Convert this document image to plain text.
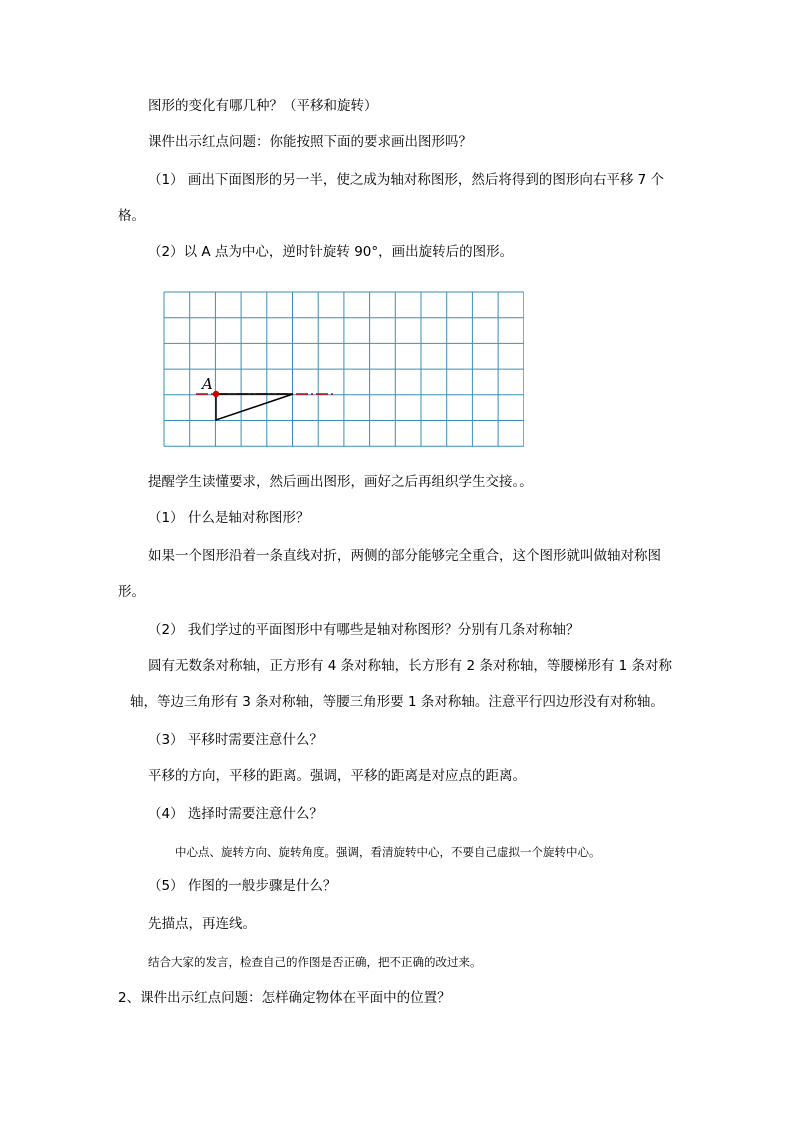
图形的变化有哪几种？（平移和旋转）
课件出示红点问题：你能按照下面的要求画出图形吗？
（1） 画出下面图形的另一半，使之成为轴对称图形，然后将得到的图形向右平移 7 个
格。
（2）以 A 点为中心，逆时针旋转 90°，画出旋转后的图形。
A
提醒学生读懂要求，然后画出图形，画好之后再组织学生交接。。
（1） 什么是轴对称图形？
如果一个图形沿着一条直线对折，两侧的部分能够完全重合，这个图形就叫做轴对称图
形。
（2） 我们学过的平面图形中有哪些是轴对称图形？分别有几条对称轴？
圆有无数条对称轴，正方形有 4 条对称轴，长方形有 2 条对称轴，等腰梯形有 1 条对称
轴，等边三角形有 3 条对称轴，等腰三角形要 1 条对称轴。注意平行四边形没有对称轴。
（3） 平移时需要注意什么？
平移的方向，平移的距离。强调，平移的距离是对应点的距离。
（4） 选择时需要注意什么？
中心点、旋转方向、旋转角度。强调，看清旋转中心，不要自己虚拟一个旋转中心。
（5） 作图的一般步骤是什么？
先描点，再连线。
结合大家的发言，检查自己的作图是否正确，把不正确的改过来。
2、课件出示红点问题：怎样确定物体在平面中的位置？
